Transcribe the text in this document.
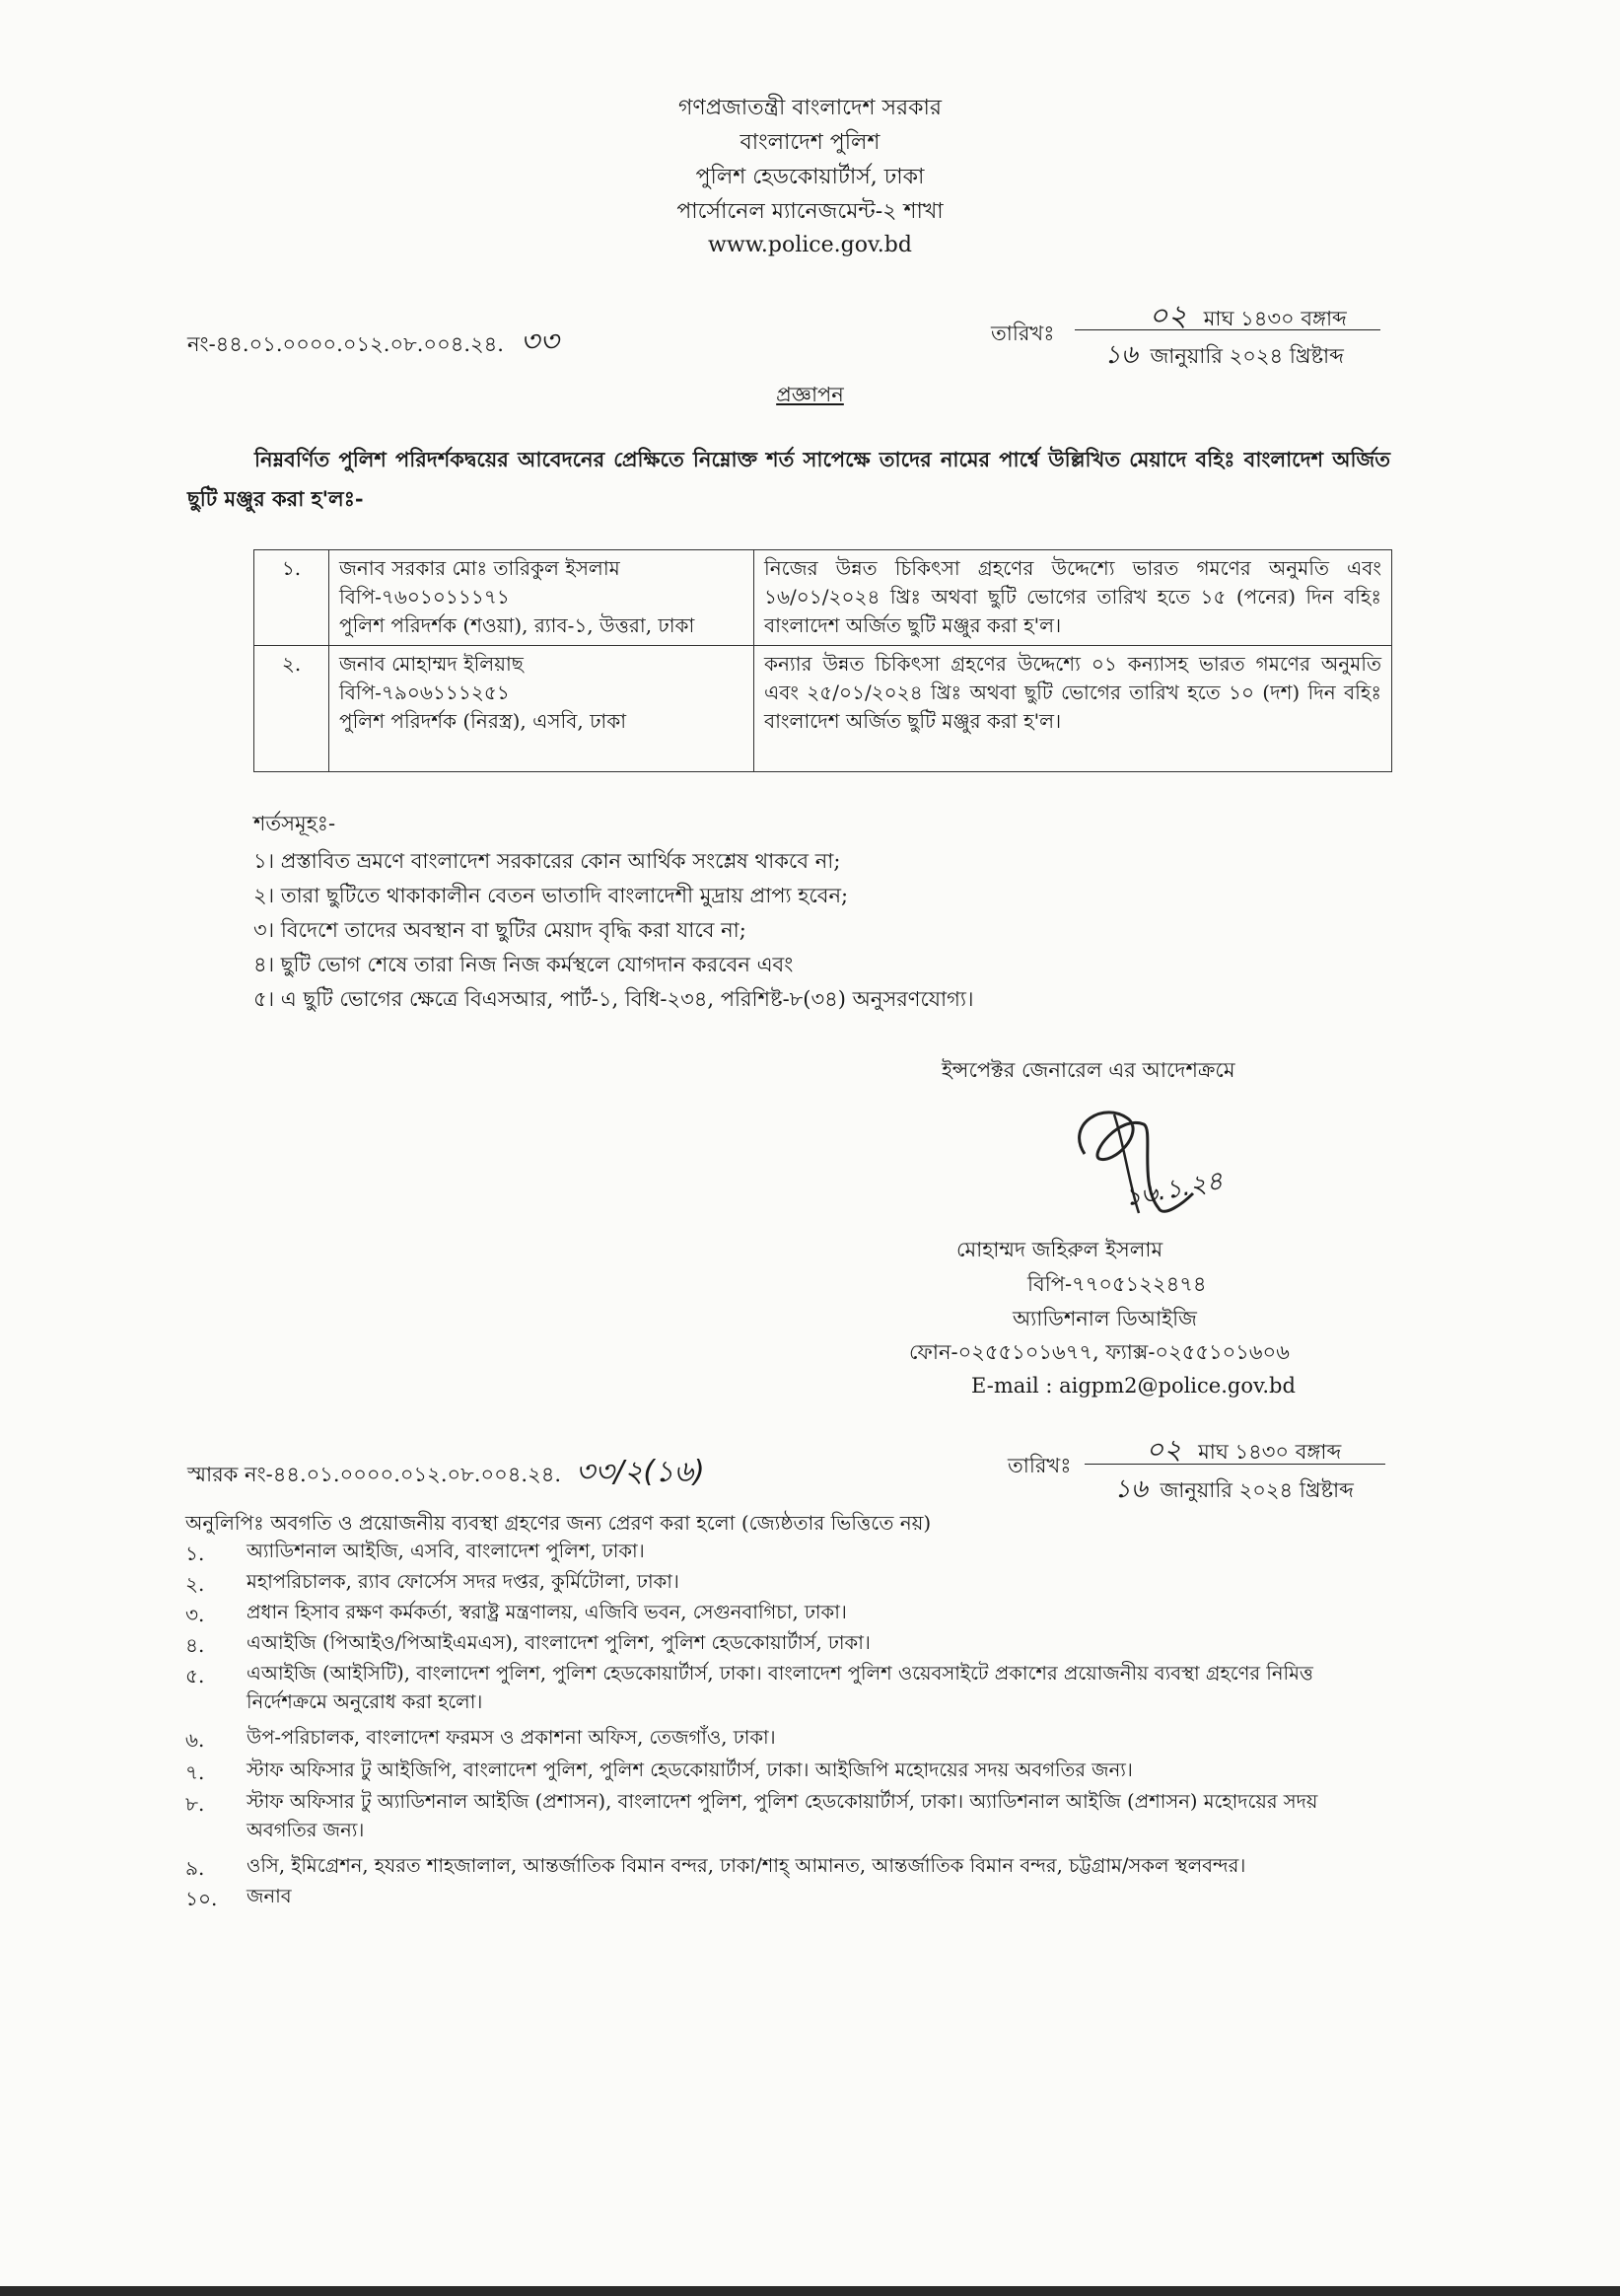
গণপ্রজাতন্ত্রী বাংলাদেশ সরকার
বাংলাদেশ পুলিশ
পুলিশ হেডকোয়ার্টার্স, ঢাকা
পার্সোনেল ম্যানেজমেন্ট-২ শাখা
www.police.gov.bd
নং-৪৪.০১.০০০০.০১২.০৮.০০৪.২৪. ৩৩	তারিখঃ	০২ মাঘ ১৪৩০ বঙ্গাব্দ
১৬ জানুয়ারি ২০২৪ খ্রিষ্টাব্দ
প্রজ্ঞাপন
নিম্নবর্ণিত পুলিশ পরিদর্শকদ্বয়ের আবেদনের প্রেক্ষিতে নিম্নোক্ত শর্ত সাপেক্ষে তাদের নামের পার্শ্বে উল্লিখিত মেয়াদে বহিঃ বাংলাদেশ অর্জিত ছুটি মঞ্জুর করা হ'লঃ-
১.	জনাব সরকার মোঃ তারিকুল ইসলাম
বিপি-৭৬০১০১১১৭১
পুলিশ পরিদর্শক (শওয়া), র‌্যাব-১, উত্তরা, ঢাকা	নিজের উন্নত চিকিৎসা গ্রহণের উদ্দেশ্যে ভারত গমণের অনুমতি এবং ১৬/০১/২০২৪ খ্রিঃ অথবা ছুটি ভোগের তারিখ হতে ১৫ (পনের) দিন বহিঃ বাংলাদেশ অর্জিত ছুটি মঞ্জুর করা হ'ল।
২.	জনাব মোহাম্মদ ইলিয়াছ
বিপি-৭৯০৬১১১২৫১
পুলিশ পরিদর্শক (নিরস্ত্র), এসবি, ঢাকা	কন্যার উন্নত চিকিৎসা গ্রহণের উদ্দেশ্যে ০১ কন্যাসহ ভারত গমণের অনুমতি এবং ২৫/০১/২০২৪ খ্রিঃ অথবা ছুটি ভোগের তারিখ হতে ১০ (দশ) দিন বহিঃ বাংলাদেশ অর্জিত ছুটি মঞ্জুর করা হ'ল।
শর্তসমূহঃ-
১। প্রস্তাবিত ভ্রমণে বাংলাদেশ সরকারের কোন আর্থিক সংশ্লেষ থাকবে না;
২। তারা ছুটিতে থাকাকালীন বেতন ভাতাদি বাংলাদেশী মুদ্রায় প্রাপ্য হবেন;
৩। বিদেশে তাদের অবস্থান বা ছুটির মেয়াদ বৃদ্ধি করা যাবে না;
৪। ছুটি ভোগ শেষে তারা নিজ নিজ কর্মস্থলে যোগদান করবেন এবং
৫। এ ছুটি ভোগের ক্ষেত্রে বিএসআর, পার্ট-১, বিধি-২৩৪, পরিশিষ্ট-৮(৩৪) অনুসরণযোগ্য।
ইন্সপেক্টর জেনারেল এর আদেশক্রমে
১৬.১.২৪
মোহাম্মদ জহিরুল ইসলাম
বিপি-৭৭০৫১২২৪৭৪
অ্যাডিশনাল ডিআইজি
ফোন-০২৫৫১০১৬৭৭, ফ্যাক্স-০২৫৫১০১৬০৬
E-mail : aigpm2@police.gov.bd
স্মারক নং-৪৪.০১.০০০০.০১২.০৮.০০৪.২৪. ৩৩/২(১৬)	তারিখঃ	০২ মাঘ ১৪৩০ বঙ্গাব্দ
১৬ জানুয়ারি ২০২৪ খ্রিষ্টাব্দ
অনুলিপিঃ অবগতি ও প্রয়োজনীয় ব্যবস্থা গ্রহণের জন্য প্রেরণ করা হলো (জ্যেষ্ঠতার ভিত্তিতে নয়)
১.	অ্যাডিশনাল আইজি, এসবি, বাংলাদেশ পুলিশ, ঢাকা।
২.	মহাপরিচালক, র‌্যাব ফোর্সেস সদর দপ্তর, কুর্মিটোলা, ঢাকা।
৩.	প্রধান হিসাব রক্ষণ কর্মকর্তা, স্বরাষ্ট্র মন্ত্রণালয়, এজিবি ভবন, সেগুনবাগিচা, ঢাকা।
৪.	এআইজি (পিআইও/পিআইএমএস), বাংলাদেশ পুলিশ, পুলিশ হেডকোয়ার্টার্স, ঢাকা।
৫.	এআইজি (আইসিটি), বাংলাদেশ পুলিশ, পুলিশ হেডকোয়ার্টার্স, ঢাকা। বাংলাদেশ পুলিশ ওয়েবসাইটে প্রকাশের প্রয়োজনীয় ব্যবস্থা গ্রহণের নিমিত্ত নির্দেশক্রমে অনুরোধ করা হলো।
৬.	উপ-পরিচালক, বাংলাদেশ ফরমস ও প্রকাশনা অফিস, তেজগাঁও, ঢাকা।
৭.	স্টাফ অফিসার টু আইজিপি, বাংলাদেশ পুলিশ, পুলিশ হেডকোয়ার্টার্স, ঢাকা। আইজিপি মহোদয়ের সদয় অবগতির জন্য।
৮.	স্টাফ অফিসার টু অ্যাডিশনাল আইজি (প্রশাসন), বাংলাদেশ পুলিশ, পুলিশ হেডকোয়ার্টার্স, ঢাকা। অ্যাডিশনাল আইজি (প্রশাসন) মহোদয়ের সদয় অবগতির জন্য।
৯.	ওসি, ইমিগ্রেশন, হযরত শাহজালাল, আন্তর্জাতিক বিমান বন্দর, ঢাকা/শাহ্ আমানত, আন্তর্জাতিক বিমান বন্দর, চট্টগ্রাম/সকল স্থলবন্দর।
১০.	জনাব
